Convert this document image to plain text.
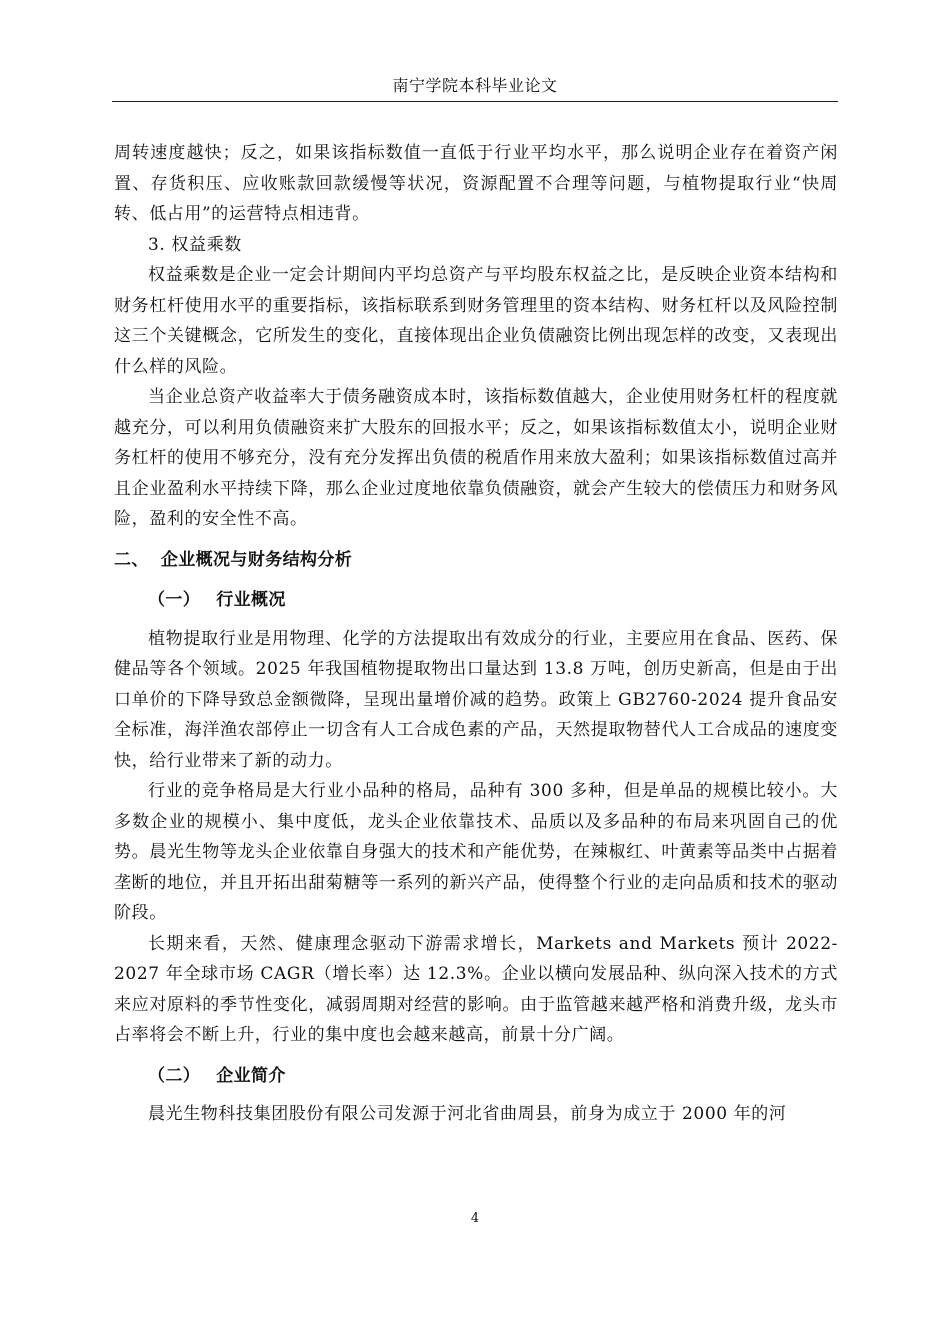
南宁学院本科毕业论文

周转速度越快；反之，如果该指标数值一直低于行业平均水平，那么说明企业存在着资产闲置、存货积压、应收账款回款缓慢等状况，资源配置不合理等问题，与植物提取行业“快周转、低占用”的运营特点相违背。

3. 权益乘数

权益乘数是企业一定会计期间内平均总资产与平均股东权益之比，是反映企业资本结构和财务杠杆使用水平的重要指标，该指标联系到财务管理里的资本结构、财务杠杆以及风险控制这三个关键概念，它所发生的变化，直接体现出企业负债融资比例出现怎样的改变，又表现出什么样的风险。

当企业总资产收益率大于债务融资成本时，该指标数值越大，企业使用财务杠杆的程度就越充分，可以利用负债融资来扩大股东的回报水平；反之，如果该指标数值太小，说明企业财务杠杆的使用不够充分，没有充分发挥出负债的税盾作用来放大盈利；如果该指标数值过高并且企业盈利水平持续下降，那么企业过度地依靠负债融资，就会产生较大的偿债压力和财务风险，盈利的安全性不高。

二、 企业概况与财务结构分析

（一） 行业概况

植物提取行业是用物理、化学的方法提取出有效成分的行业，主要应用在食品、医药、保健品等各个领域。2025 年我国植物提取物出口量达到 13.8 万吨，创历史新高，但是由于出口单价的下降导致总金额微降，呈现出量增价减的趋势。政策上 GB2760-2024 提升食品安全标准，海洋渔农部停止一切含有人工合成色素的产品，天然提取物替代人工合成品的速度变快，给行业带来了新的动力。

行业的竞争格局是大行业小品种的格局，品种有 300 多种，但是单品的规模比较小。大多数企业的规模小、集中度低，龙头企业依靠技术、品质以及多品种的布局来巩固自己的优势。晨光生物等龙头企业依靠自身强大的技术和产能优势，在辣椒红、叶黄素等品类中占据着垄断的地位，并且开拓出甜菊糖等一系列的新兴产品，使得整个行业的走向品质和技术的驱动阶段。

长期来看，天然、健康理念驱动下游需求增长，Markets and Markets 预计 2022-2027 年全球市场 CAGR（增长率）达 12.3%。企业以横向发展品种、纵向深入技术的方式来应对原料的季节性变化，减弱周期对经营的影响。由于监管越来越严格和消费升级，龙头市占率将会不断上升，行业的集中度也会越来越高，前景十分广阔。

（二） 企业简介

晨光生物科技集团股份有限公司发源于河北省曲周县，前身为成立于 2000 年的河

4
